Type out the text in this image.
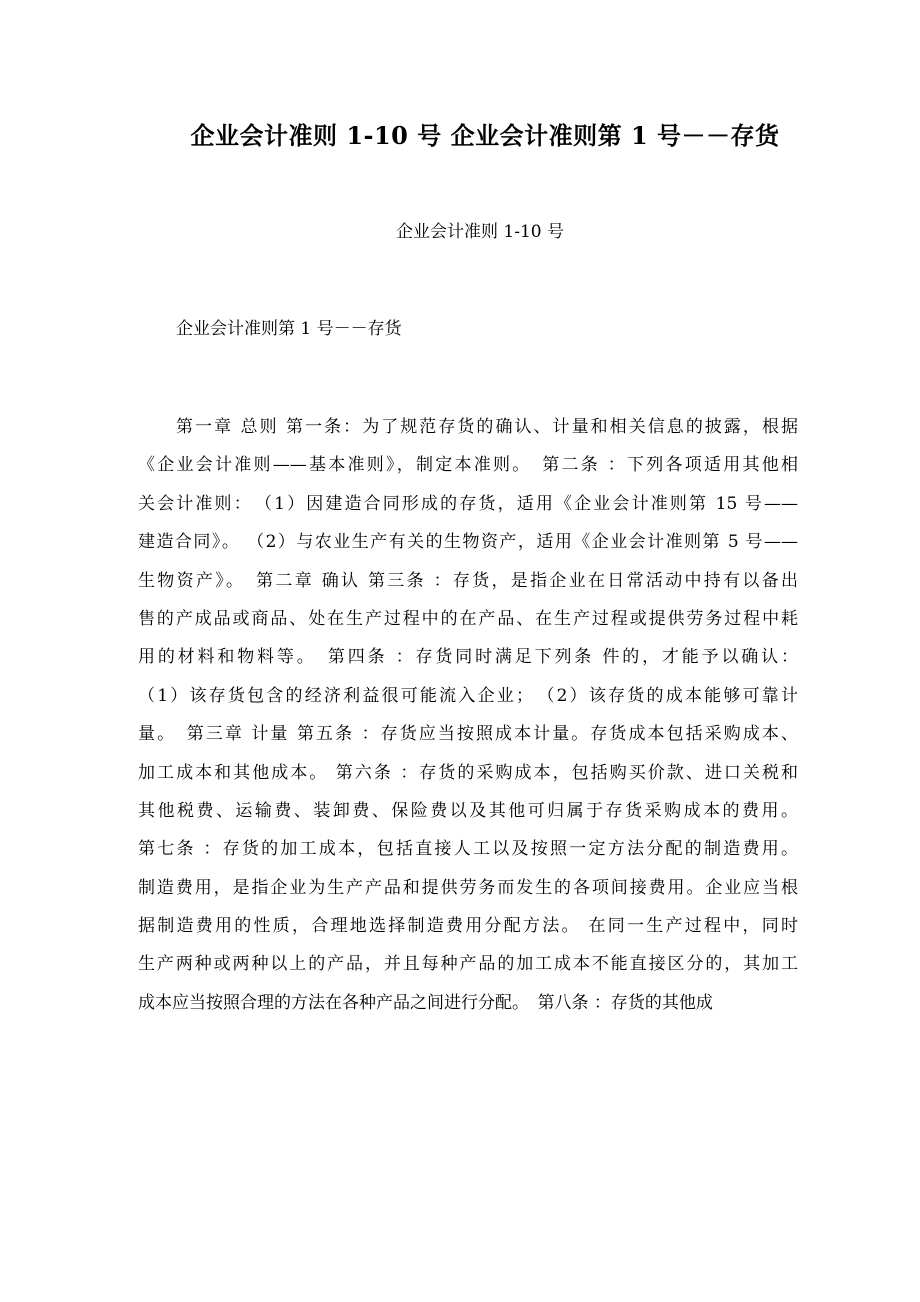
企业会计准则 1-10 号 企业会计准则第 1 号－－存货

企业会计准则 1-10 号

企业会计准则第 1 号－－存货

第一章 总则 第一条：为了规范存货的确认、计量和相关信息的披露，根据
《企业会计准则——基本准则》，制定本准则。　第二条 ：下列各项适用其他相
关会计准则：　（1）因建造合同形成的存货，适用《企业会计准则第 15 号——
建造合同》。 （2）与农业生产有关的生物资产，适用《企业会计准则第 5 号——
生物资产》。　第二章 确认 第三条 ：存货，是指企业在日常活动中持有以备出
售的产成品或商品、处在生产过程中的在产品、在生产过程或提供劳务过程中耗
用的材料和物料等。　第四条 ：存货同时满足下列条 件的，才能予以确认：
（1）该存货包含的经济利益很可能流入企业；　（2）该存货的成本能够可靠计
量。　第三章 计量 第五条 ：存货应当按照成本计量。存货成本包括采购成本、
加工成本和其他成本。 第六条 ：存货的采购成本，包括购买价款、进口关税和
其他税费、运输费、装卸费、保险费以及其他可归属于存货采购成本的费用。
第七条 ：存货的加工成本，包括直接人工以及按照一定方法分配的制造费用。
制造费用，是指企业为生产产品和提供劳务而发生的各项间接费用。企业应当根
据制造费用的性质，合理地选择制造费用分配方法。 在同一生产过程中，同时
生产两种或两种以上的产品，并且每种产品的加工成本不能直接区分的，其加工
成本应当按照合理的方法在各种产品之间进行分配。　第八条 ：存货的其他成
